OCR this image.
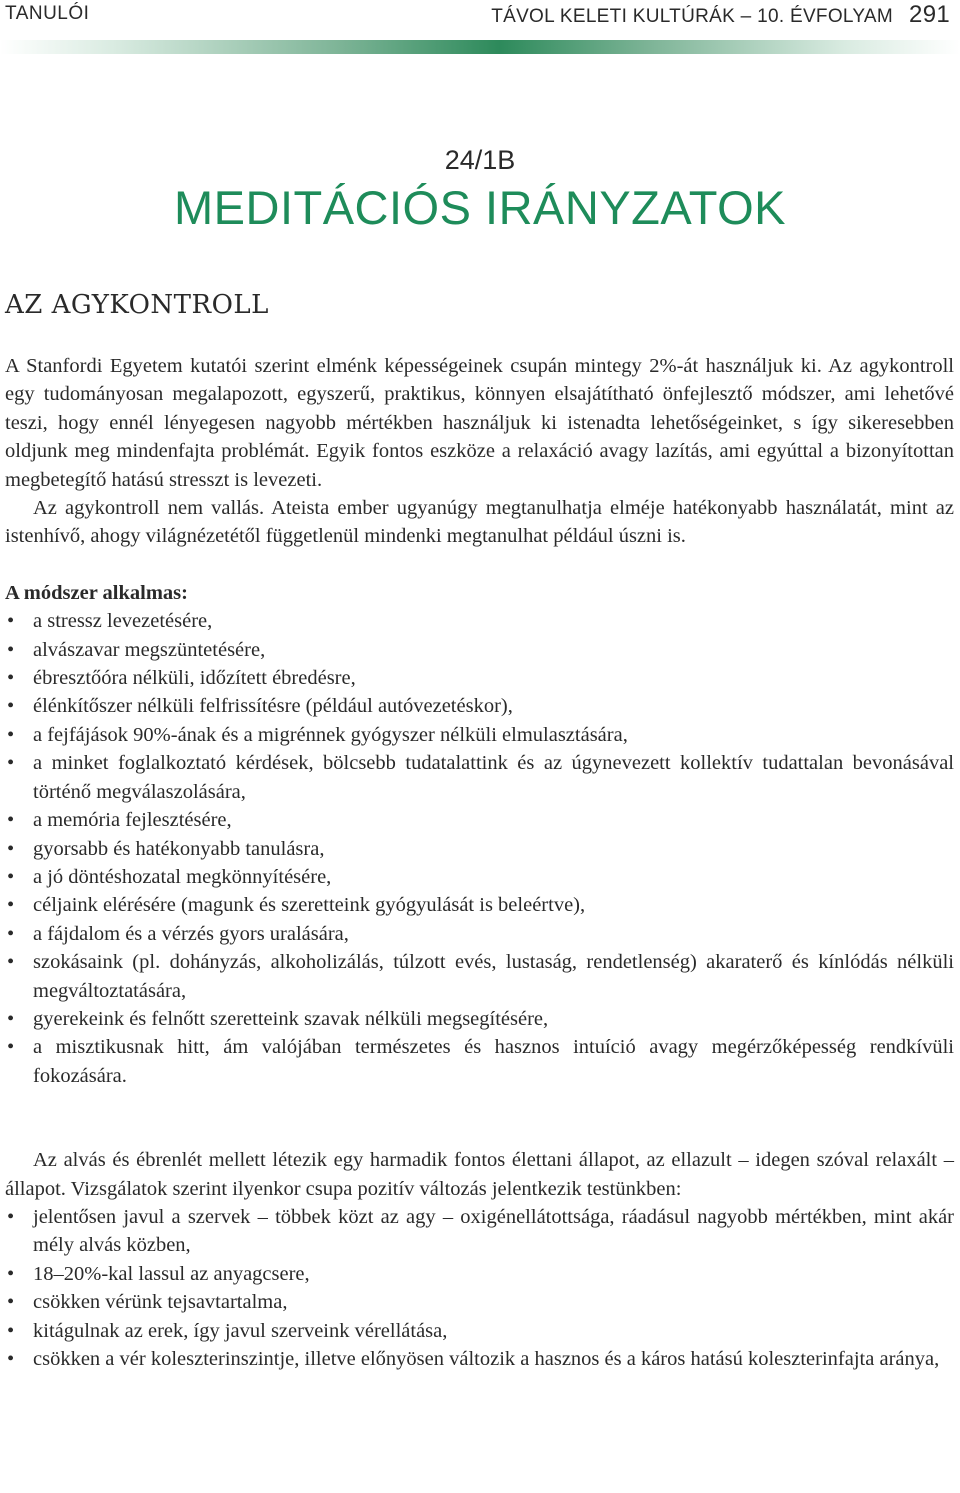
TANULÓI	TÁVOL KELETI KULTÚRÁK – 10. ÉVFOLYAM 291
24/1B
MEDITÁCIÓS IRÁNYZATOK
AZ AGYKONTROLL

A Stanfordi Egyetem kutatói szerint elménk képességeinek csupán mintegy 2%-át használjuk ki. Az agykontroll egy tudományosan megalapozott, egyszerű, praktikus, könnyen elsajátítható önfejlesztő módszer, ami lehetővé teszi, hogy ennél lényegesen nagyobb mértékben használjuk ki istenadta lehetőségeinket, s így sikeresebben oldjunk meg mindenfajta problémát. Egyik fontos eszköze a relaxáció avagy lazítás, ami egyúttal a bizonyítottan megbetegítő hatású stresszt is levezeti.

Az agykontroll nem vallás. Ateista ember ugyanúgy megtanulhatja elméje hatékonyabb használatát, mint az istenhívő, ahogy világnézetétől függetlenül mindenki megtanulhat például úszni is.

A módszer alkalmas:

• a stressz levezetésére,
• alvászavar megszüntetésére,
• ébresztőóra nélküli, időzített ébredésre,
• élénkítőszer nélküli felfrissítésre (például autóvezetéskor),
• a fejfájások 90%-ának és a migrénnek gyógyszer nélküli elmulasztására,
• a minket foglalkoztató kérdések, bölcsebb tudatalattink és az úgynevezett kollektív tudattalan bevonásával történő megválaszolására,
• a memória fejlesztésére,
• gyorsabb és hatékonyabb tanulásra,
• a jó döntéshozatal megkönnyítésére,
• céljaink elérésére (magunk és szeretteink gyógyulását is beleértve),
• a fájdalom és a vérzés gyors uralására,
• szokásaink (pl. dohányzás, alkoholizálás, túlzott evés, lustaság, rendetlenség) akaraterő és kínlódás nélküli megváltoztatására,
• gyerekeink és felnőtt szeretteink szavak nélküli megsegítésére,
• a misztikusnak hitt, ám valójában természetes és hasznos intuíció avagy megérzőképesség rendkívüli fokozására.

Az alvás és ébrenlét mellett létezik egy harmadik fontos élettani állapot, az ellazult – idegen szóval relaxált – állapot. Vizsgálatok szerint ilyenkor csupa pozitív változás jelentkezik testünkben:

• jelentősen javul a szervek – többek közt az agy – oxigénellátottsága, ráadásul nagyobb mértékben, mint akár mély alvás közben,
• 18–20%-kal lassul az anyagcsere,
• csökken vérünk tejsavtartalma,
• kitágulnak az erek, így javul szerveink vérellátása,
• csökken a vér koleszterinszintje, illetve előnyösen változik a hasznos és a káros hatású koleszterinfajta aránya,
